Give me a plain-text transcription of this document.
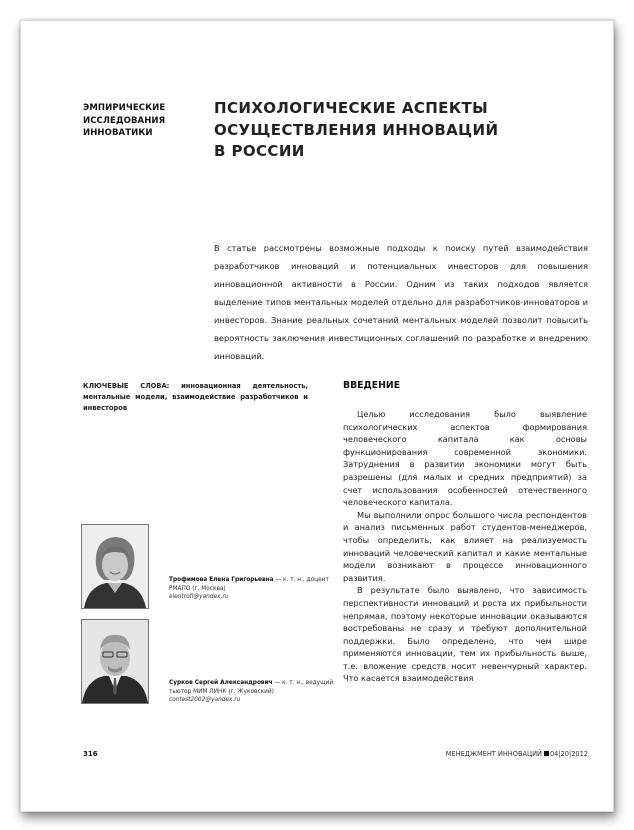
ЭМПИРИЧЕСКИЕ
ИССЛЕДОВАНИЯ
ИННОВАТИКИ
ПСИХОЛОГИЧЕСКИЕ АСПЕКТЫ
ОСУЩЕСТВЛЕНИЯ ИННОВАЦИЙ
В РОССИИ
В статье рассмотрены возможные подходы к поиску путей взаимодействия разработчиков инноваций и потенциальных инвесторов для повышения инновационной активности в России. Одним из таких подходов является выделение типов ментальных моделей отдельно для разработчиков-инноваторов и инвесторов. Знание реальных сочетаний ментальных моделей позволит повысить вероятность заключения инвестиционных соглашений по разработке и внедрению инноваций.
КЛЮЧЕВЫЕ СЛОВА: инновационная деятельность, ментальные модели, взаимодействие разработчиков и инвесторов
ВВЕДЕНИЕ

Целью исследования было выявление психологических аспектов формирования человеческого капитала как основы функционирования современной экономики. Затруднения в развитии экономики могут быть разрешены (для малых и средних предприятий) за счет использования особенностей отечественного человеческого капитала.

Мы выполнили опрос большого числа респондентов и анализ письменных работ студентов-менеджеров, чтобы определить, как влияет на реализуемость инноваций человеческий капитал и какие ментальные модели возникают в процессе инновационного развития.

В результате было выявлено, что зависимость перспективности инноваций и роста их прибыльности непрямая, поэтому некоторые инновации оказываются востребованы не сразу и требуют дополнительной поддержки. Было определено, что чем шире применяются инновации, тем их прибыльность выше, т.е. вложение средств носит невенчурный характер. Что касается взаимодействия

Трофимова Елена Григорьевна — к. т. н., доцент
РМАПО (г. Москва)
elentrofi@yandex.ru
Сурков Сергей Александрович — к. т. н., ведущий
тьютор МИМ ЛИНК (г. Жуковский)
contest2002@yandex.ru
316	МЕНЕДЖМЕНТ ИННОВАЦИЙ 04|20|2012
